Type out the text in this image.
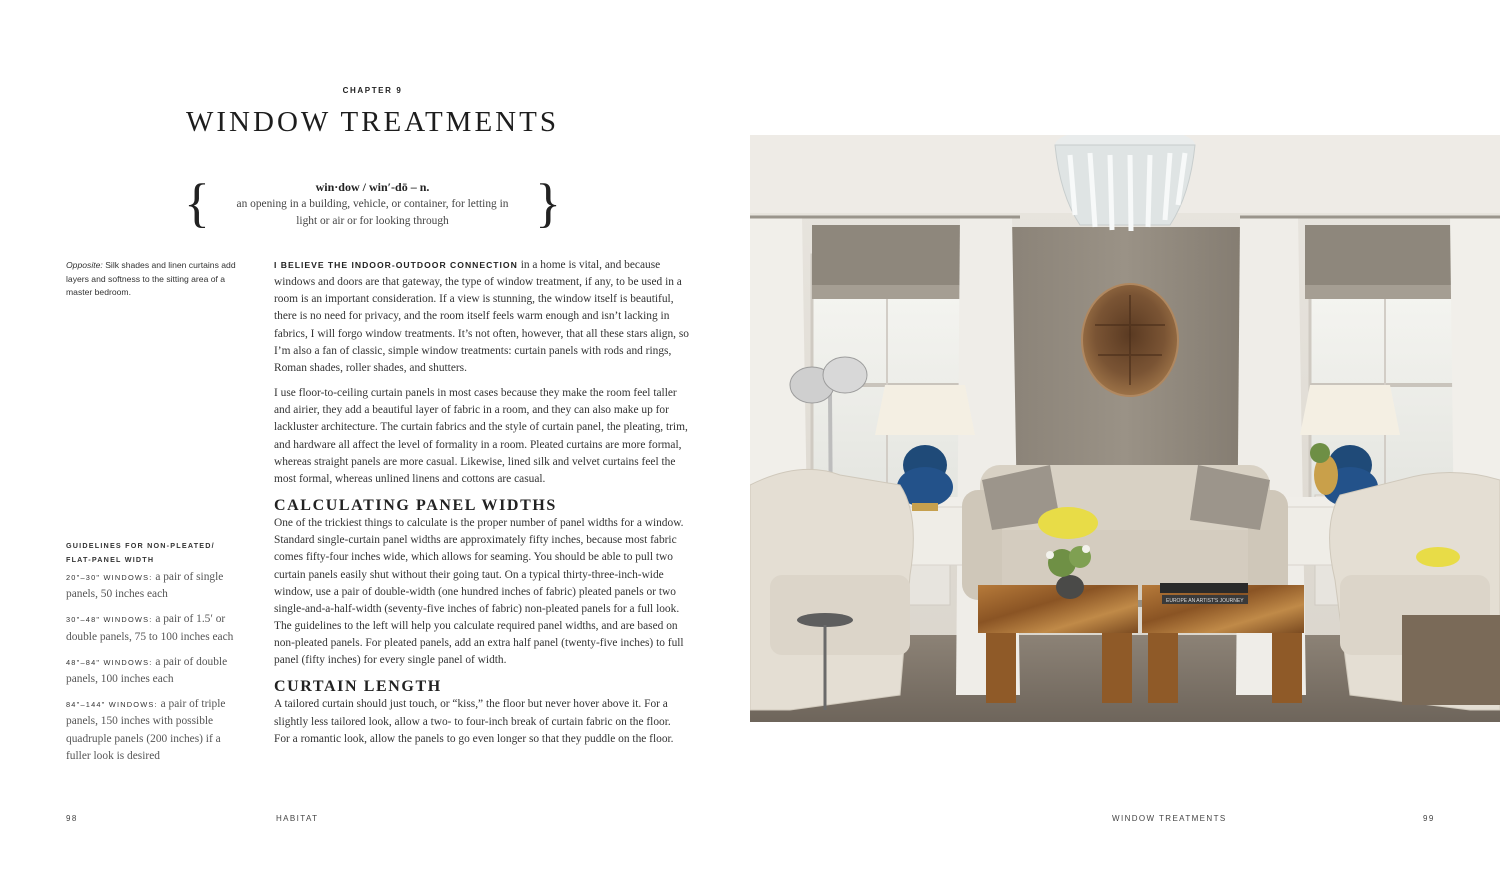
CHAPTER 9
WINDOW TREATMENTS
{	win·dow / win′-dō – n.
an opening in a building, vehicle, or container, for letting in light or air or for looking through	}
Opposite: Silk shades and linen curtains add layers and softness to the sitting area of a master bedroom.
GUIDELINES FOR NON-PLEATED/
FLAT-PANEL WIDTH
20"–30" WINDOWS: a pair of single panels, 50 inches each
30"–48" WINDOWS: a pair of 1.5′ or double panels, 75 to 100 inches each
48"–84" WINDOWS: a pair of double panels, 100 inches each
84"–144" WINDOWS: a pair of triple panels, 150 inches with possible quadruple panels (200 inches) if a fuller look is desired

I BELIEVE THE INDOOR-OUTDOOR CONNECTION in a home is vital, and because windows and doors are that gateway, the type of window treatment, if any, to be used in a room is an important consideration. If a view is stunning, the window itself is beautiful, there is no need for privacy, and the room itself feels warm enough and isn’t lacking in fabrics, I will forgo window treatments. It’s not often, however, that all these stars align, so I’m also a fan of classic, simple window treatments: curtain panels with rods and rings, Roman shades, roller shades, and shutters.

I use floor-to-ceiling curtain panels in most cases because they make the room feel taller and airier, they add a beautiful layer of fabric in a room, and they can also make up for lackluster architecture. The curtain fabrics and the style of curtain panel, the pleating, trim, and hardware all affect the level of formality in a room. Pleated curtains are more formal, whereas straight panels are more casual. Likewise, lined silk and velvet curtains feel the most formal, whereas unlined linens and cottons are casual.

CALCULATING PANEL WIDTHS

One of the trickiest things to calculate is the proper number of panel widths for a window. Standard single-curtain panel widths are approximately fifty inches, because most fabric comes fifty-four inches wide, which allows for seaming. You should be able to pull two curtain panels easily shut without their going taut. On a typical thirty-three-inch-wide window, use a pair of double-width (one hundred inches of fabric) pleated panels or two single-and-a-half-width (seventy-five inches of fabric) non-pleated panels for a full look. The guidelines to the left will help you calculate required panel widths, and are based on non-pleated panels. For pleated panels, add an extra half panel (twenty-five inches) to full panel (fifty inches) for every single panel of width.

CURTAIN LENGTH

A tailored curtain should just touch, or “kiss,” the floor but never hover above it. For a slightly less tailored look, allow a two- to four-inch break of curtain fabric on the floor. For a romantic look, allow the panels to go even longer so that they puddle on the floor.

98	HABITAT
EUROPE AN ARTIST'S JOURNEY
WINDOW TREATMENTS	99
